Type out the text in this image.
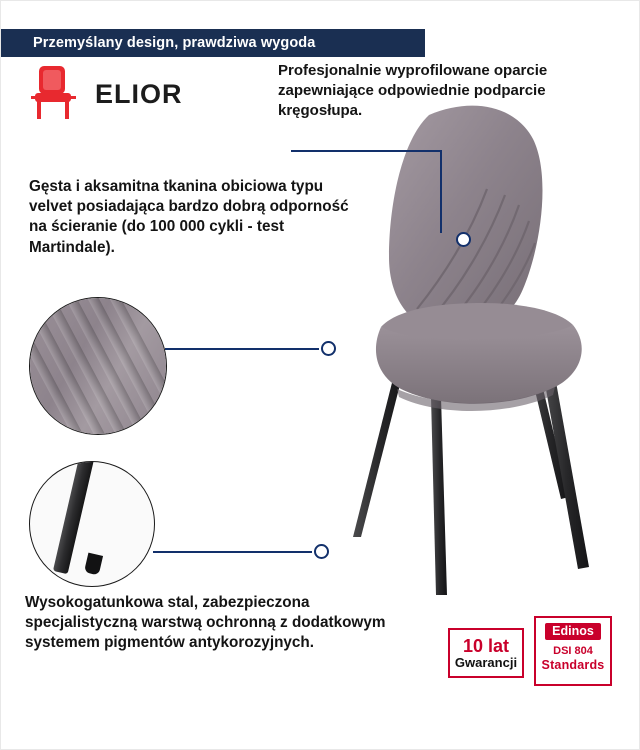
Przemyślany design, prawdziwa wygoda
ELIOR
Profesjonalnie wyprofilowane oparcie zapewniające odpowiednie podparcie kręgosłupa.
Gęsta i aksamitna tkanina obiciowa typu velvet posiadająca bardzo dobrą odporność na ścieranie (do 100 000 cykli - test Martindale).
Wysokogatunkowa stal, zabezpieczona specjalistyczną warstwą ochronną z dodatkowym systemem pigmentów antykorozyjnych.	10 lat
Gwarancji
Edinos
DSI 804
Standards
